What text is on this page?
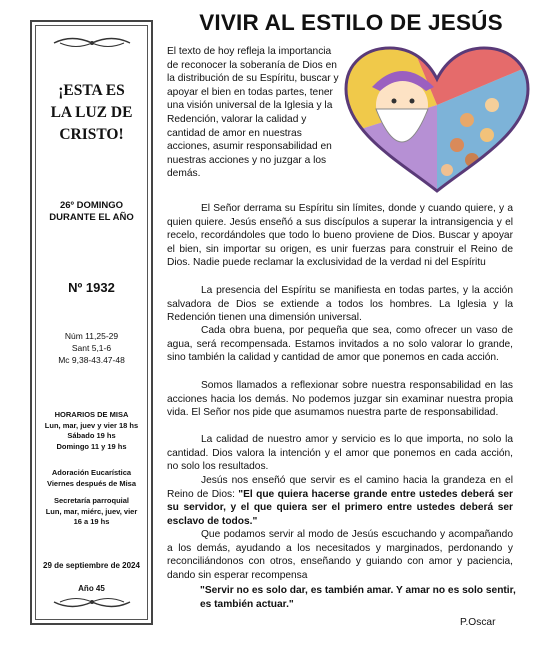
¡ESTA ES
LA LUZ DE
CRISTO!
26º DOMINGO
DURANTE EL AÑO
Nº 1932
Núm 11,25-29
Sant 5,1-6
Mc 9,38-43.47-48
HORARIOS DE MISA
Lun, mar, juev y vier 18 hs
Sábado 19 hs
Domingo 11 y 19 hs
Adoración Eucarística
Viernes después de Misa
Secretaría parroquial
Lun, mar, miérc, juev, vier
16 a 19 hs
29 de septiembre de 2024
Año 45
VIVIR AL ESTILO DE JESÚS
El texto de hoy refleja la importancia de reconocer la soberanía de Dios en la distribución de su Espíritu, buscar y apoyar el bien en todas partes, tener una visión universal de la Iglesia y la Redención, valorar la calidad y cantidad de amor en nuestras acciones, asumir responsabilidad en nuestras acciones y no juzgar a los demás.
El Señor derrama su Espíritu sin límites, donde y cuando quiere, y a quien quiere. Jesús enseñó a sus discípulos a superar la intransigencia y el recelo, recordándoles que todo lo bueno proviene de Dios. Buscar y apoyar el bien, sin importar su origen, es unir fuerzas para construir el Reino de Dios. Nadie puede reclamar la exclusividad de la verdad ni del Espíritu
La presencia del Espíritu se manifiesta en todas partes, y la acción salvadora de Dios se extiende a todos los hombres. La Iglesia y la Redención tienen una dimensión universal.
Cada obra buena, por pequeña que sea, como ofrecer un vaso de agua, será recompensada. Estamos invitados a no solo valorar lo grande, sino también la calidad y cantidad de amor que ponemos en cada acción.
Somos llamados a reflexionar sobre nuestra responsabilidad en las acciones hacia los demás. No podemos juzgar sin examinar nuestra propia vida. El Señor nos pide que asumamos nuestra parte de responsabilidad.
La calidad de nuestro amor y servicio es lo que importa, no solo la cantidad. Dios valora la intención y el amor que ponemos en cada acción, no solo los resultados.
Jesús nos enseñó que servir es el camino hacia la grandeza en el Reino de Dios: "El que quiera hacerse grande entre ustedes deberá ser su servidor, y el que quiera ser el primero entre ustedes deberá ser esclavo de todos."
Que podamos servir al modo de Jesús escuchando y acompañando a los demás, ayudando a los necesitados y marginados, perdonando y reconciliándonos con otros, enseñando y guiando con amor y paciencia, dando sin esperar recompensa
"Servir no es solo dar, es también amar. Y amar no es solo sentir, es también actuar."
P.Oscar
